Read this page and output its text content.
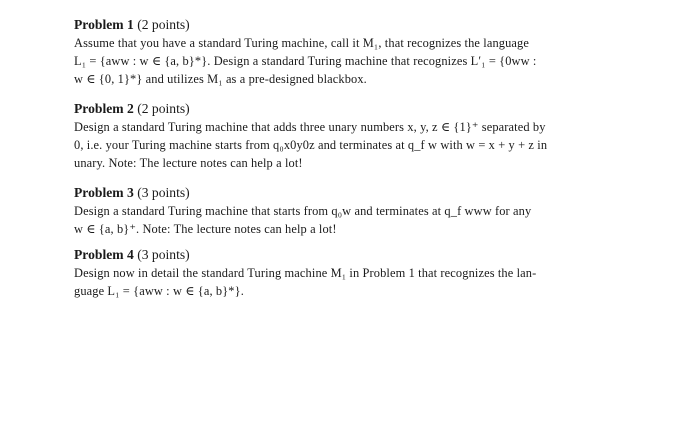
Problem 1 (2 points)
Assume that you have a standard Turing machine, call it M₁, that recognizes the language
L₁ = {aww : w ∈ {a, b}*}. Design a standard Turing machine that recognizes L′₁ = {0ww :
w ∈ {0, 1}*} and utilizes M₁ as a pre-designed blackbox.
Problem 2 (2 points)
Design a standard Turing machine that adds three unary numbers x, y, z ∈ {1}⁺ separated by
0, i.e. your Turing machine starts from q₀x0y0z and terminates at q_f w with w = x + y + z in
unary. Note: The lecture notes can help a lot!
Problem 3 (3 points)
Design a standard Turing machine that starts from q₀w and terminates at q_f www for any
w ∈ {a, b}⁺. Note: The lecture notes can help a lot!
Problem 4 (3 points)
Design now in detail the standard Turing machine M₁ in Problem 1 that recognizes the lan-
guage L₁ = {aww : w ∈ {a, b}*}.
